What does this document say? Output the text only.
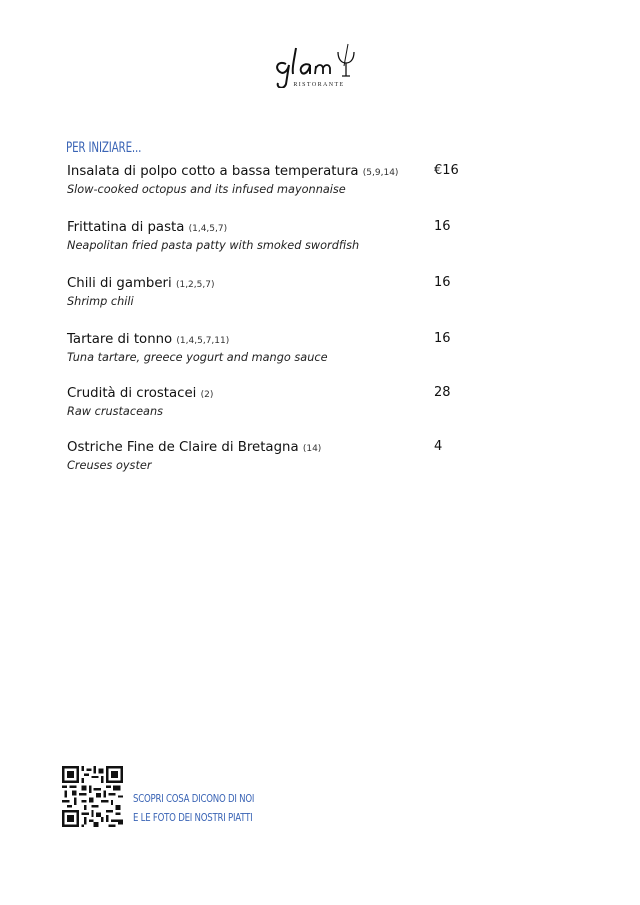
RISTORANTE
PER INIZIARE...
Insalata di polpo cotto a bassa temperatura (5,9,14)
Slow-cooked octopus and its infused mayonnaise
€16
Frittatina di pasta (1,4,5,7)
Neapolitan fried pasta patty with smoked swordfish
16
Chili di gamberi (1,2,5,7)
Shrimp chili
16
Tartare di tonno (1,4,5,7,11)
Tuna tartare, greece yogurt and mango sauce
16
Crudità di crostacei (2)
Raw crustaceans
28
Ostriche Fine de Claire di Bretagna (14)
Creuses oyster
4
SCOPRI COSA DICONO DI NOI
E LE FOTO DEI NOSTRI PIATTI
